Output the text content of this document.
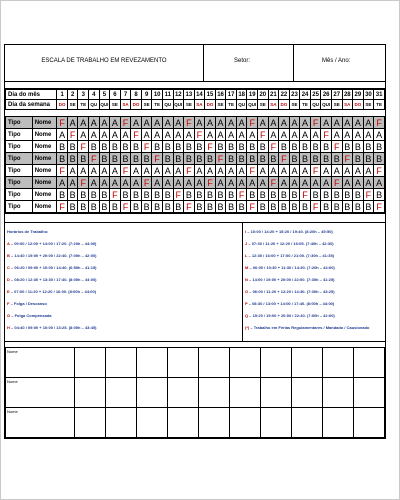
ESCALA DE TRABALHO EM REVEZAMENTO	Setor:	Mês / Ano:
Dia do mês		1	2	3	4	5	6	7	8	9	10	11	12	13	14	15	16	17	18	19	20	21	22	23	24	25	26	27	28	29	30	31
Dia da semana		DO	SE	TE	QU	QUI	SE	SA	DO	SE	TE	QU	QUI	SE	SA	DO	SE	TE	QU	QUI	SE	SA	DO	SE	TE	QU	QUI	SE	SA	DO	SE	TE

Tipo	Nome	F	A	A	A	A	A	F	A	A	A	A	A	F	A	A	A	A	A	F	A	A	A	A	A	F	A	A	A	A	A	F
Tipo	Nome	A	F	A	A	A	A	A	F	A	A	A	A	A	F	A	A	A	A	A	F	A	A	A	A	A	F	A	A	A	A	A
Tipo	Nome	B	B	F	B	B	B	B	B	F	B	B	B	B	B	F	B	B	B	B	B	F	B	B	B	B	B	F	B	B	B	B
Tipo	Nome	B	B	B	F	B	B	B	B	B	F	B	B	B	B	B	F	B	B	B	B	B	F	B	B	B	B	B	F	B	B	B
Tipo	Nome	F	A	A	A	A	A	F	A	A	A	A	A	F	A	A	A	A	A	F	A	A	A	A	A	F	A	A	A	A	A	F
Tipo	Nome	A	A	F	A	A	A	A	A	F	A	A	A	A	A	F	A	A	A	A	A	F	A	A	A	A	A	F	A	A	A	A
Tipo	Nome	B	B	B	B	B	F	B	B	B	B	B	F	B	B	B	B	B	F	B	B	B	B	B	F	B	B	B	B	B	F	B
Tipo	Nome	F	B	B	B	B	B	F	B	B	B	B	B	F	B	B	B	B	B	F	B	B	B	B	B	F	B	B	B	B	B	F
Horários de Trabalho:
A – 09:00 / 12:00 + 14:00 / 17:20. (7:20h – 44:00)
B – 14:40 / 19:00 + 20:00 / 22:40. (7:00h – 42:00)
C – 06:20 / 09:00 + 10:00 / 14:40. (6:50h – 41:15)
D – 08:20 / 12:30 + 13:30 / 17:40. (8:00h – 44:00)
E – 07:00 / 11:20 + 12:20 / 16:00. (8:00h – 44:00)
F – Folga / Descanso
G – Folga Compensada
H – 04:40 / 09:00 + 10:00 / 13:25. (8:00h – 43:45)
I – 10:00 / 14:20 + 15:20 / 19:40. (8:20h – 45:50)
J – 07:30 / 11:20 + 12:20 / 16:05. (7:40h – 42:30)
L – 12:30 / 16:00 + 17:00 / 21:00. (7:30h – 41:35)
M – 06:00 / 10:30 + 11:30 / 14:30. (7:20h – 44:00)
N – 14:00 / 19:00 + 20:00 / 22:00. (7:30h – 41:25)
O – 06:00 / 11:20 + 12:20 / 14:30. (7:30h – 43:25)
P – 08:30 / 13:00 + 14:00 / 17:40. (8:00h – 44:00)
Q – 15:20 / 19:00 + 20:00 / 22:40. (7:00h – 42:00)
(*) – Trabalho em Férias Regulamentares / Mandado / Causionado
Nome										
Nome										
Nome										
